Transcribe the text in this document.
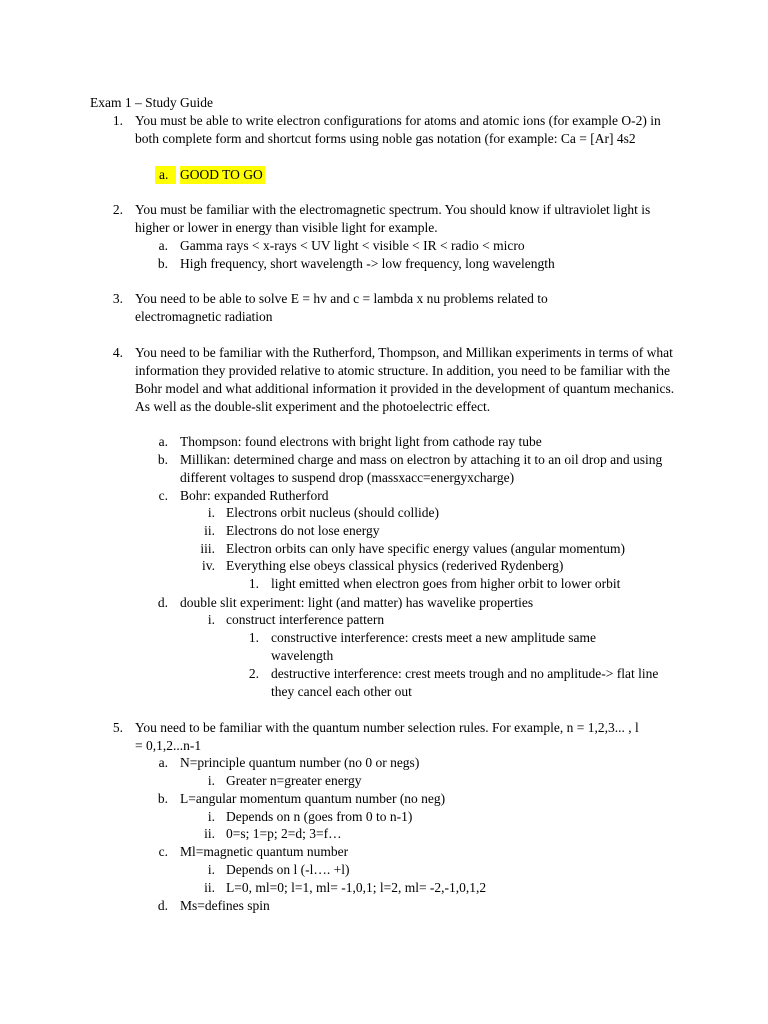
Exam 1 – Study Guide
1. You must be able to write electron configurations for atoms and atomic ions (for example O-2) in both complete form and shortcut forms using noble gas notation (for example: Ca = [Ar] 4s2
a. GOOD TO GO
2. You must be familiar with the electromagnetic spectrum. You should know if ultraviolet light is higher or lower in energy than visible light for example.
a. Gamma rays < x-rays < UV light < visible < IR < radio < micro
b. High frequency, short wavelength -> low frequency, long wavelength
3. You need to be able to solve E = hv and c = lambda x nu problems related to electromagnetic radiation
4. You need to be familiar with the Rutherford, Thompson, and Millikan experiments in terms of what information they provided relative to atomic structure. In addition, you need to be familiar with the Bohr model and what additional information it provided in the development of quantum mechanics. As well as the double-slit experiment and the photoelectric effect.
a. Thompson: found electrons with bright light from cathode ray tube
b. Millikan: determined charge and mass on electron by attaching it to an oil drop and using different voltages to suspend drop (massxacc=energyxcharge)
c. Bohr: expanded Rutherford
i. Electrons orbit nucleus (should collide)
ii. Electrons do not lose energy
iii. Electron orbits can only have specific energy values (angular momentum)
iv. Everything else obeys classical physics (rederived Rydenberg)
1. light emitted when electron goes from higher orbit to lower orbit
d. double slit experiment: light (and matter) has wavelike properties
i. construct interference pattern
1. constructive interference: crests meet a new amplitude same wavelength
2. destructive interference: crest meets trough and no amplitude-> flat line they cancel each other out
5. You need to be familiar with the quantum number selection rules. For example, n = 1,2,3... , l = 0,1,2...n-1
a. N=principle quantum number (no 0 or negs)
i. Greater n=greater energy
b. L=angular momentum quantum number (no neg)
i. Depends on n (goes from 0 to n-1)
ii. 0=s; 1=p; 2=d; 3=f…
c. Ml=magnetic quantum number
i. Depends on l (-l…. +l)
ii. L=0, ml=0; l=1, ml= -1,0,1; l=2, ml= -2,-1,0,1,2
d. Ms=defines spin
